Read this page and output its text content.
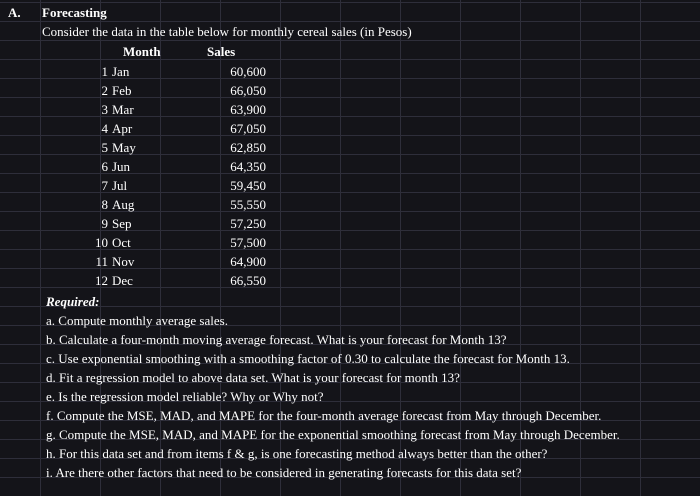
A. Forecasting
Consider the data in the table below for monthly cereal sales (in Pesos)
Month	Sales
1 Jan	60,600
2 Feb	66,050
3 Mar	63,900
4 Apr	67,050
5 May	62,850
6 Jun	64,350
7 Jul	59,450
8 Aug	55,550
9 Sep	57,250
10 Oct	57,500
11 Nov	64,900
12 Dec	66,550
Required:
a. Compute monthly average sales.
b. Calculate a four-month moving average forecast. What is your forecast for Month 13?
c. Use exponential smoothing with a smoothing factor of 0.30 to calculate the forecast for Month 13.
d. Fit a regression model to above data set. What is your forecast for month 13?
e. Is the regression model reliable? Why or Why not?
f. Compute the MSE, MAD, and MAPE for the four-month average forecast from May through December.
g. Compute the MSE, MAD, and MAPE for the exponential smoothing forecast from May through December.
h. For this data set and from items f & g, is one forecasting method always better than the other?
i. Are there other factors that need to be considered in generating forecasts for this data set?
